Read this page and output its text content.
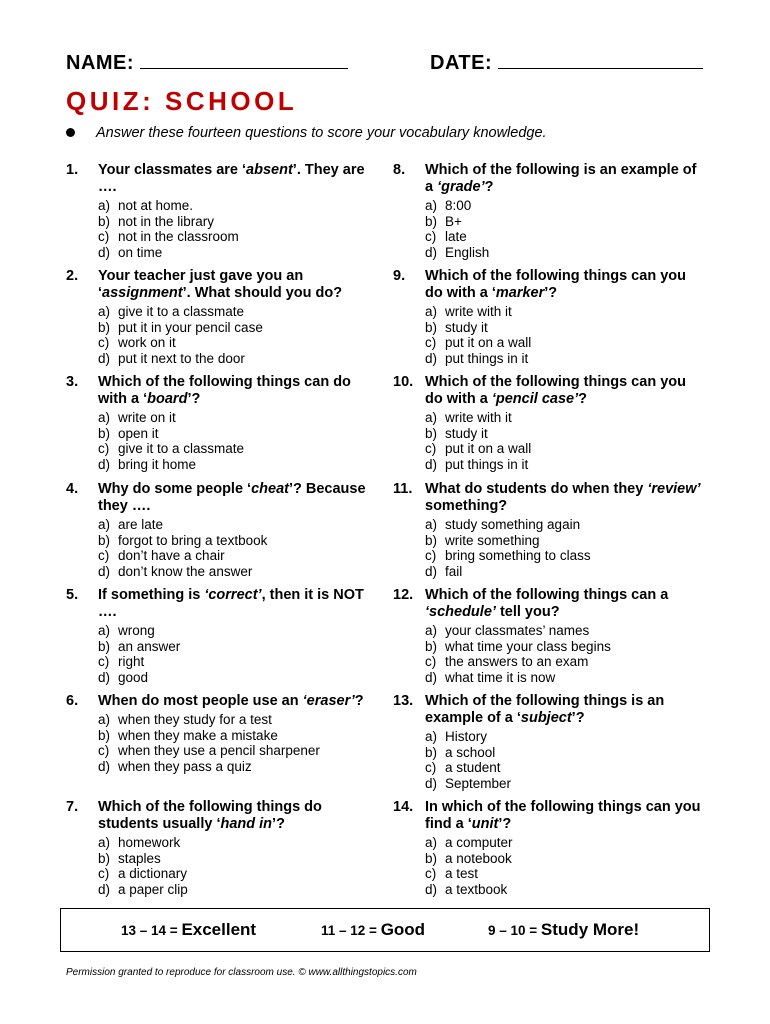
NAME:	DATE:
QUIZ: SCHOOL
Answer these fourteen questions to score your vocabulary knowledge.
1. Your classmates are ‘absent’. They are ….
a) not at home.
b) not in the library
c) not in the classroom
d) on time
2. Your teacher just gave you an ‘assignment’. What should you do?
a) give it to a classmate
b) put it in your pencil case
c) work on it
d) put it next to the door
3. Which of the following things can do with a ‘board’?
a) write on it
b) open it
c) give it to a classmate
d) bring it home
4. Why do some people ‘cheat’? Because they ….
a) are late
b) forgot to bring a textbook
c) don’t have a chair
d) don’t know the answer
5. If something is ‘correct’, then it is NOT ….
a) wrong
b) an answer
c) right
d) good
6. When do most people use an ‘eraser’?
a) when they study for a test
b) when they make a mistake
c) when they use a pencil sharpener
d) when they pass a quiz
7. Which of the following things do students usually ‘hand in’?
a) homework
b) staples
c) a dictionary
d) a paper clip
8. Which of the following is an example of a ‘grade’?
a) 8:00
b) B+
c) late
d) English
9. Which of the following things can you do with a ‘marker’?
a) write with it
b) study it
c) put it on a wall
d) put things in it
10. Which of the following things can you do with a ‘pencil case’?
a) write with it
b) study it
c) put it on a wall
d) put things in it
11. What do students do when they ‘review’ something?
a) study something again
b) write something
c) bring something to class
d) fail
12. Which of the following things can a ‘schedule’ tell you?
a) your classmates’ names
b) what time your class begins
c) the answers to an exam
d) what time it is now
13. Which of the following things is an example of a ‘subject’?
a) History
b) a school
c) a student
d) September
14. In which of the following things can you find a ‘unit’?
a) a computer
b) a notebook
c) a test
d) a textbook
13 – 14 = Excellent	11 – 12 = Good	9 – 10 = Study More!
Permission granted to reproduce for classroom use. © www.allthingstopics.com
